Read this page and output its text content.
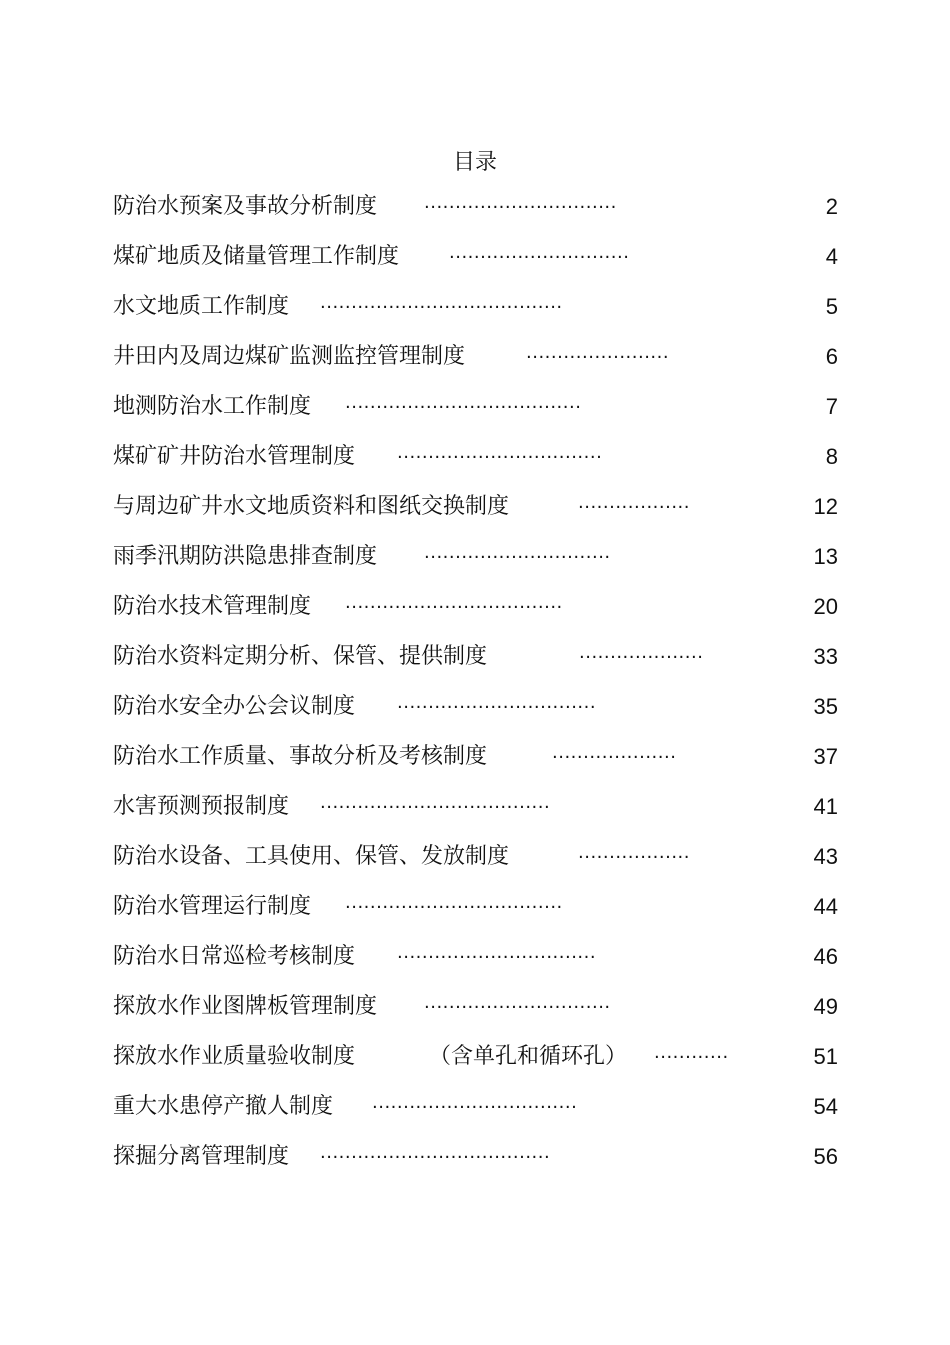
目录
防治水预案及事故分析制度	...............................	2
煤矿地质及储量管理工作制度	.............................	4
水文地质工作制度 .......................................	5
井田内及周边煤矿监测监控管理制度	.......................	6
地测防治水工作制度 ......................................	7
煤矿矿井防治水管理制度 .................................	8
与周边矿井水文地质资料和图纸交换制度	..................	12
雨季汛期防洪隐患排查制度	..............................	13
防治水技术管理制度 ...................................	20
防治水资料定期分析、保管、提供制度	....................	33
防治水安全办公会议制度 ................................	35
防治水工作质量、事故分析及考核制度	....................	37
水害预测预报制度 .....................................	41
防治水设备、工具使用、保管、发放制度	..................	43
防治水管理运行制度 ...................................	44
防治水日常巡检考核制度 ................................	46
探放水作业图牌板管理制度	..............................	49
探放水作业质量验收制度	（含单孔和循环孔） ............	51
重大水患停产撤人制度 .................................	54
探掘分离管理制度 .....................................	56
